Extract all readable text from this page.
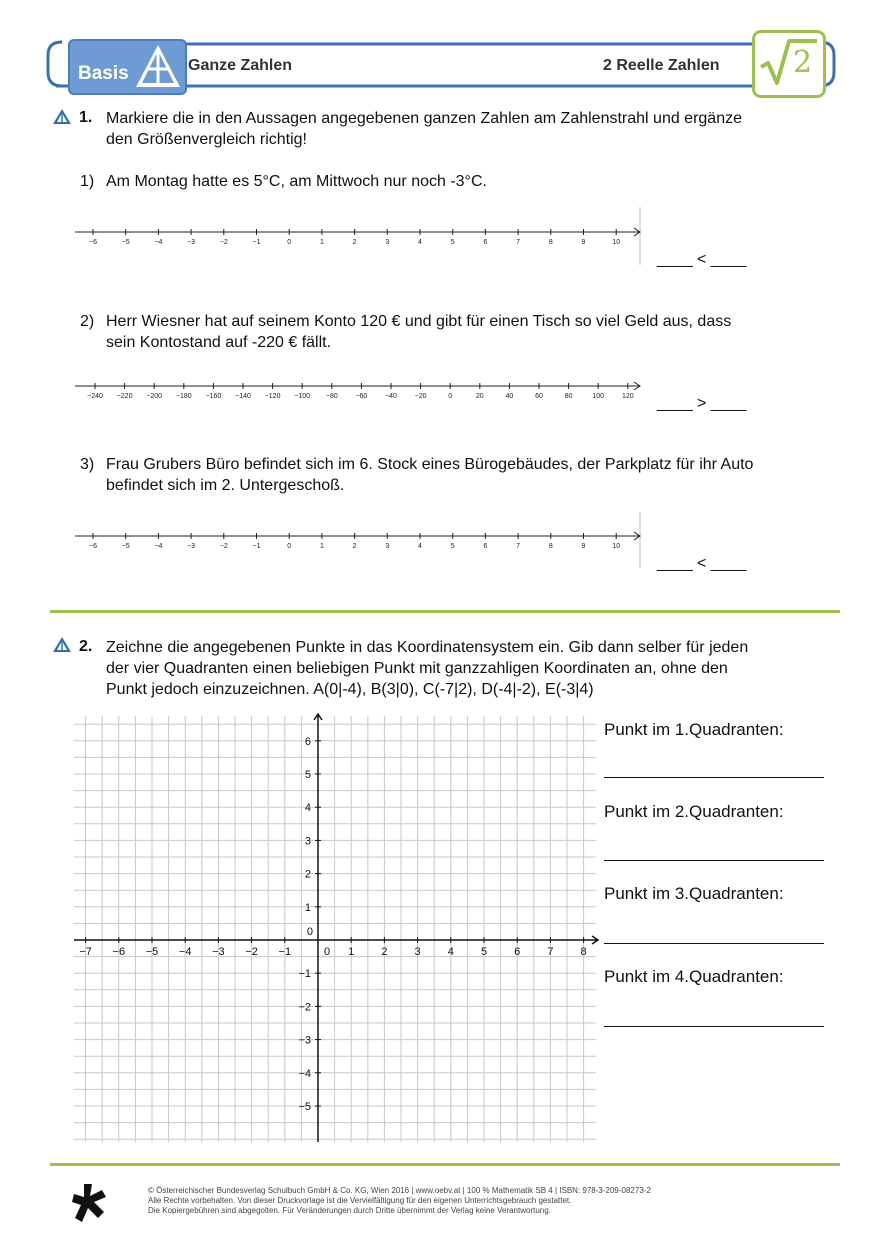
Basis	Ganze Zahlen	2 Reelle Zahlen 2
1. Markiere die in den Aussagen angegebenen ganzen Zahlen am Zahlenstrahl und ergänze
den Größenvergleich richtig!
1) Am Montag hatte es 5°C, am Mittwoch nur noch -3°C.
−6	−5	−4	−3	−2	−1	0	1	2	3	4	5	6	7	8	9	10
____ < ____
2) Herr Wiesner hat auf seinem Konto 120 € und gibt für einen Tisch so viel Geld aus, dass
sein Kontostand auf -220 € fällt.
−240 −220 −200 −180 −160 −140 −120 −100 −80	−60	−40	−20	0	20	40	60	80	100	120 ____ > ____
3) Frau Grubers Büro befindet sich im 6. Stock eines Bürogebäudes, der Parkplatz für ihr Auto
befindet sich im 2. Untergeschoß.
−6	−5	−4	−3	−2	−1	0	1	2	3	4	5	6	7	8	9	10
____ < ____
2. Zeichne die angegebenen Punkte in das Koordinatensystem ein. Gib dann selber für jeden
der vier Quadranten einen beliebigen Punkt mit ganzzahligen Koordinaten an, ohne den
Punkt jedoch einzuzeichnen. A(0|-4), B(3|0), C(-7|2), D(-4|-2), E(-3|4)
−7 −6 −5 −4 −3 −2 −1	1 2 3 4 5 6 7 8
0
0
1
2
3
4
5
6
−1
−2
−3
−4
−5
Punkt im 1.Quadranten:
Punkt im 2.Quadranten:
Punkt im 3.Quadranten:
Punkt im 4.Quadranten:
© Österreichischer Bundesverlag Schulbuch GmbH & Co. KG, Wien 2016 | www.oebv.at | 100 % Mathematik SB 4 | ISBN: 978-3-209-08273-2
Alle Rechte vorbehalten. Von dieser Druckvorlage ist die Vervielfältigung für den eigenen Unterrichtsgebrauch gestattet.
Die Kopiergebühren sind abgegolten. Für Veränderungen durch Dritte übernimmt der Verlag keine Verantwortung.
